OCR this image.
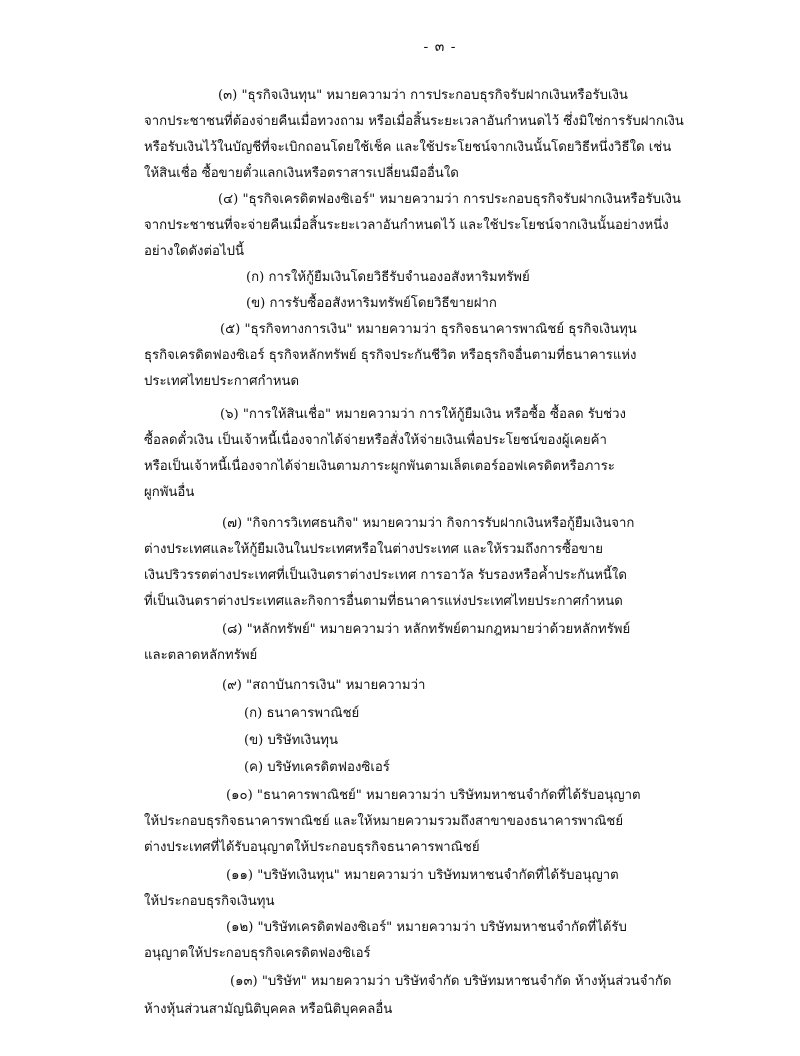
- ๓ -
(๓) "ธุรกิจเงินทุน" หมายความว่า การประกอบธุรกิจรับฝากเงินหรือรับเงิน
จากประชาชนที่ต้องจ่ายคืนเมื่อทวงถาม หรือเมื่อสิ้นระยะเวลาอันกำหนดไว้ ซึ่งมิใช่การรับฝากเงิน
หรือรับเงินไว้ในบัญชีที่จะเบิกถอนโดยใช้เช็ค และใช้ประโยชน์จากเงินนั้นโดยวิธีหนึ่งวิธีใด เช่น
ให้สินเชื่อ ซื้อขายตั๋วแลกเงินหรือตราสารเปลี่ยนมืออื่นใด
(๔) "ธุรกิจเครดิตฟองซิเอร์" หมายความว่า การประกอบธุรกิจรับฝากเงินหรือรับเงิน
จากประชาชนที่จะจ่ายคืนเมื่อสิ้นระยะเวลาอันกำหนดไว้ และใช้ประโยชน์จากเงินนั้นอย่างหนึ่ง
อย่างใดดังต่อไปนี้
(ก) การให้กู้ยืมเงินโดยวิธีรับจำนองอสังหาริมทรัพย์
(ข) การรับซื้ออสังหาริมทรัพย์โดยวิธีขายฝาก
(๕) "ธุรกิจทางการเงิน" หมายความว่า ธุรกิจธนาคารพาณิชย์ ธุรกิจเงินทุน
ธุรกิจเครดิตฟองซิเอร์ ธุรกิจหลักทรัพย์ ธุรกิจประกันชีวิต หรือธุรกิจอื่นตามที่ธนาคารแห่ง
ประเทศไทยประกาศกำหนด
(๖) "การให้สินเชื่อ" หมายความว่า การให้กู้ยืมเงิน หรือซื้อ ซื้อลด รับช่วง
ซื้อลดตั๋วเงิน เป็นเจ้าหนี้เนื่องจากได้จ่ายหรือสั่งให้จ่ายเงินเพื่อประโยชน์ของผู้เคยค้า
หรือเป็นเจ้าหนี้เนื่องจากได้จ่ายเงินตามภาระผูกพันตามเล็ตเตอร์ออฟเครดิตหรือภาระ
ผูกพันอื่น
(๗) "กิจการวิเทศธนกิจ" หมายความว่า กิจการรับฝากเงินหรือกู้ยืมเงินจาก
ต่างประเทศและให้กู้ยืมเงินในประเทศหรือในต่างประเทศ และให้รวมถึงการซื้อขาย
เงินปริวรรตต่างประเทศที่เป็นเงินตราต่างประเทศ การอาวัล รับรองหรือค้ำประกันหนี้ใด
ที่เป็นเงินตราต่างประเทศและกิจการอื่นตามที่ธนาคารแห่งประเทศไทยประกาศกำหนด
(๘) "หลักทรัพย์" หมายความว่า หลักทรัพย์ตามกฎหมายว่าด้วยหลักทรัพย์
และตลาดหลักทรัพย์
(๙) "สถาบันการเงิน" หมายความว่า
(ก) ธนาคารพาณิชย์
(ข) บริษัทเงินทุน
(ค) บริษัทเครดิตฟองซิเอร์
(๑๐) "ธนาคารพาณิชย์" หมายความว่า บริษัทมหาชนจำกัดที่ได้รับอนุญาต
ให้ประกอบธุรกิจธนาคารพาณิชย์ และให้หมายความรวมถึงสาขาของธนาคารพาณิชย์
ต่างประเทศที่ได้รับอนุญาตให้ประกอบธุรกิจธนาคารพาณิชย์
(๑๑) "บริษัทเงินทุน" หมายความว่า บริษัทมหาชนจำกัดที่ได้รับอนุญาต
ให้ประกอบธุรกิจเงินทุน
(๑๒) "บริษัทเครดิตฟองซิเอร์" หมายความว่า บริษัทมหาชนจำกัดที่ได้รับ
อนุญาตให้ประกอบธุรกิจเครดิตฟองซิเอร์
(๑๓) "บริษัท" หมายความว่า บริษัทจำกัด บริษัทมหาชนจำกัด ห้างหุ้นส่วนจำกัด
ห้างหุ้นส่วนสามัญนิติบุคคล หรือนิติบุคคลอื่น
